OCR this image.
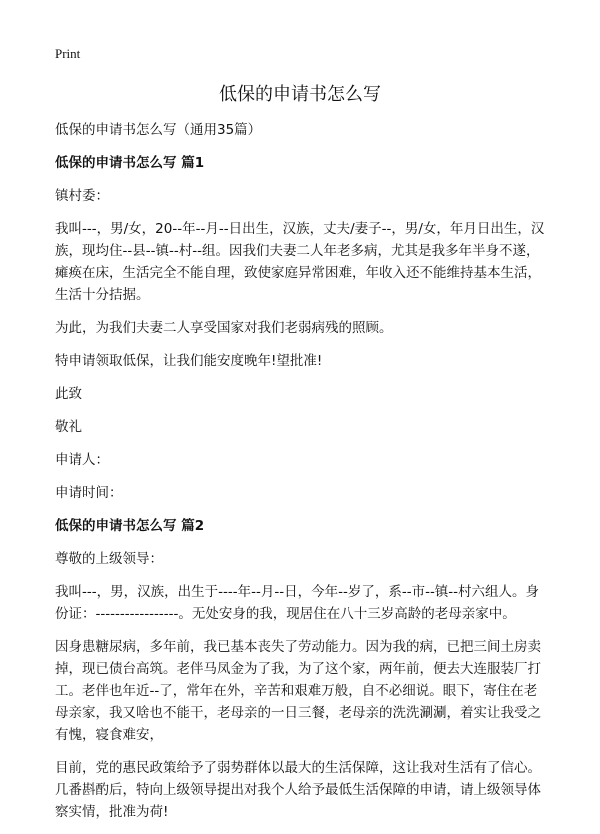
Print
低保的申请书怎么写

低保的申请书怎么写（通用35篇）

低保的申请书怎么写 篇1

镇村委：

我叫---，男/女，20--年--月--日出生，汉族，丈夫/妻子--，男/女，年月日出生，汉
族，现均住--县--镇--村--组。因我们夫妻二人年老多病，尤其是我多年半身不遂，
瘫痪在床，生活完全不能自理，致使家庭异常困难，年收入还不能维持基本生活，
生活十分拮据。

为此，为我们夫妻二人享受国家对我们老弱病残的照顾。

特申请领取低保，让我们能安度晚年!望批准!

此致

敬礼

申请人：

申请时间：

低保的申请书怎么写 篇2

尊敬的上级领导：

我叫---，男，汉族，出生于----年--月--日，今年--岁了，系--市--镇--村六组人。身
份证：-----------------。无处安身的我，现居住在八十三岁高龄的老母亲家中。

因身患糖尿病，多年前，我已基本丧失了劳动能力。因为我的病，已把三间土房卖
掉，现已债台高筑。老伴马凤金为了我，为了这个家，两年前，便去大连服装厂打
工。老伴也年近--了，常年在外，辛苦和艰难万般，自不必细说。眼下，寄住在老
母亲家，我又啥也不能干，老母亲的一日三餐，老母亲的洗洗涮涮，着实让我受之
有愧，寝食难安，

目前，党的惠民政策给予了弱势群体以最大的生活保障，这让我对生活有了信心。
几番斟酌后，特向上级领导提出对我个人给予最低生活保障的申请，请上级领导体
察实情，批准为荷!
